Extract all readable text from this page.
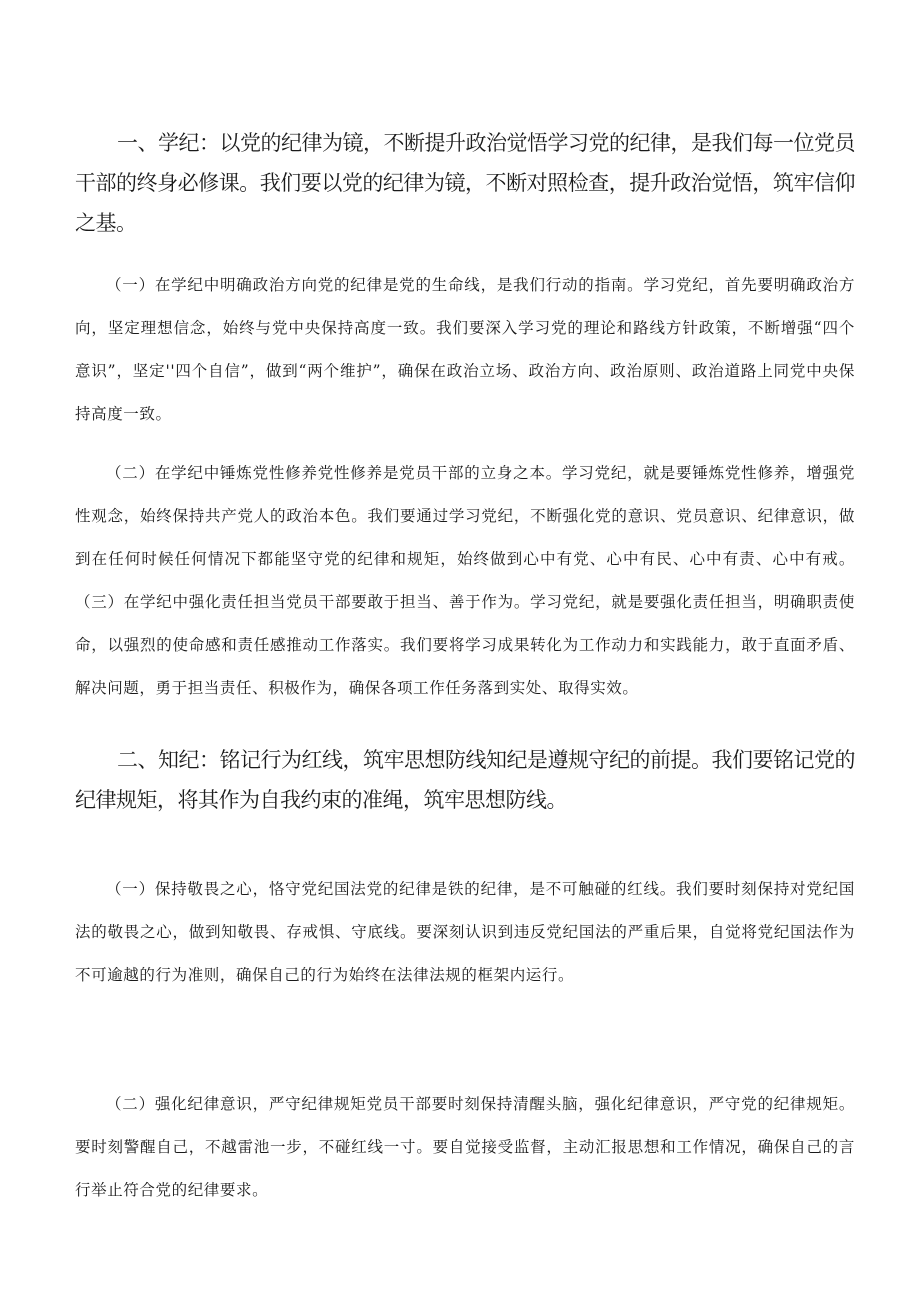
一、学纪：以党的纪律为镜，不断提升政治觉悟学习党的纪律，是我们每一位党员干部的终身必修课。我们要以党的纪律为镜，不断对照检查，提升政治觉悟，筑牢信仰之基。

（一）在学纪中明确政治方向党的纪律是党的生命线，是我们行动的指南。学习党纪，首先要明确政治方向，坚定理想信念，始终与党中央保持高度一致。我们要深入学习党的理论和路线方针政策，不断增强“四个意识”，坚定''四个自信”，做到“两个维护”，确保在政治立场、政治方向、政治原则、政治道路上同党中央保持高度一致。

（二）在学纪中锤炼党性修养党性修养是党员干部的立身之本。学习党纪，就是要锤炼党性修养，增强党性观念，始终保持共产党人的政治本色。我们要通过学习党纪，不断强化党的意识、党员意识、纪律意识，做到在任何时候任何情况下都能坚守党的纪律和规矩，始终做到心中有党、心中有民、心中有责、心中有戒。（三）在学纪中强化责任担当党员干部要敢于担当、善于作为。学习党纪，就是要强化责任担当，明确职责使命，以强烈的使命感和责任感推动工作落实。我们要将学习成果转化为工作动力和实践能力，敢于直面矛盾、解决问题，勇于担当责任、积极作为，确保各项工作任务落到实处、取得实效。

二、知纪：铭记行为红线，筑牢思想防线知纪是遵规守纪的前提。我们要铭记党的纪律规矩，将其作为自我约束的准绳，筑牢思想防线。

（一）保持敬畏之心，恪守党纪国法党的纪律是铁的纪律，是不可触碰的红线。我们要时刻保持对党纪国法的敬畏之心，做到知敬畏、存戒惧、守底线。要深刻认识到违反党纪国法的严重后果，自觉将党纪国法作为不可逾越的行为准则，确保自己的行为始终在法律法规的框架内运行。

（二）强化纪律意识，严守纪律规矩党员干部要时刻保持清醒头脑，强化纪律意识，严守党的纪律规矩。要时刻警醒自己，不越雷池一步，不碰红线一寸。要自觉接受监督，主动汇报思想和工作情况，确保自己的言行举止符合党的纪律要求。
